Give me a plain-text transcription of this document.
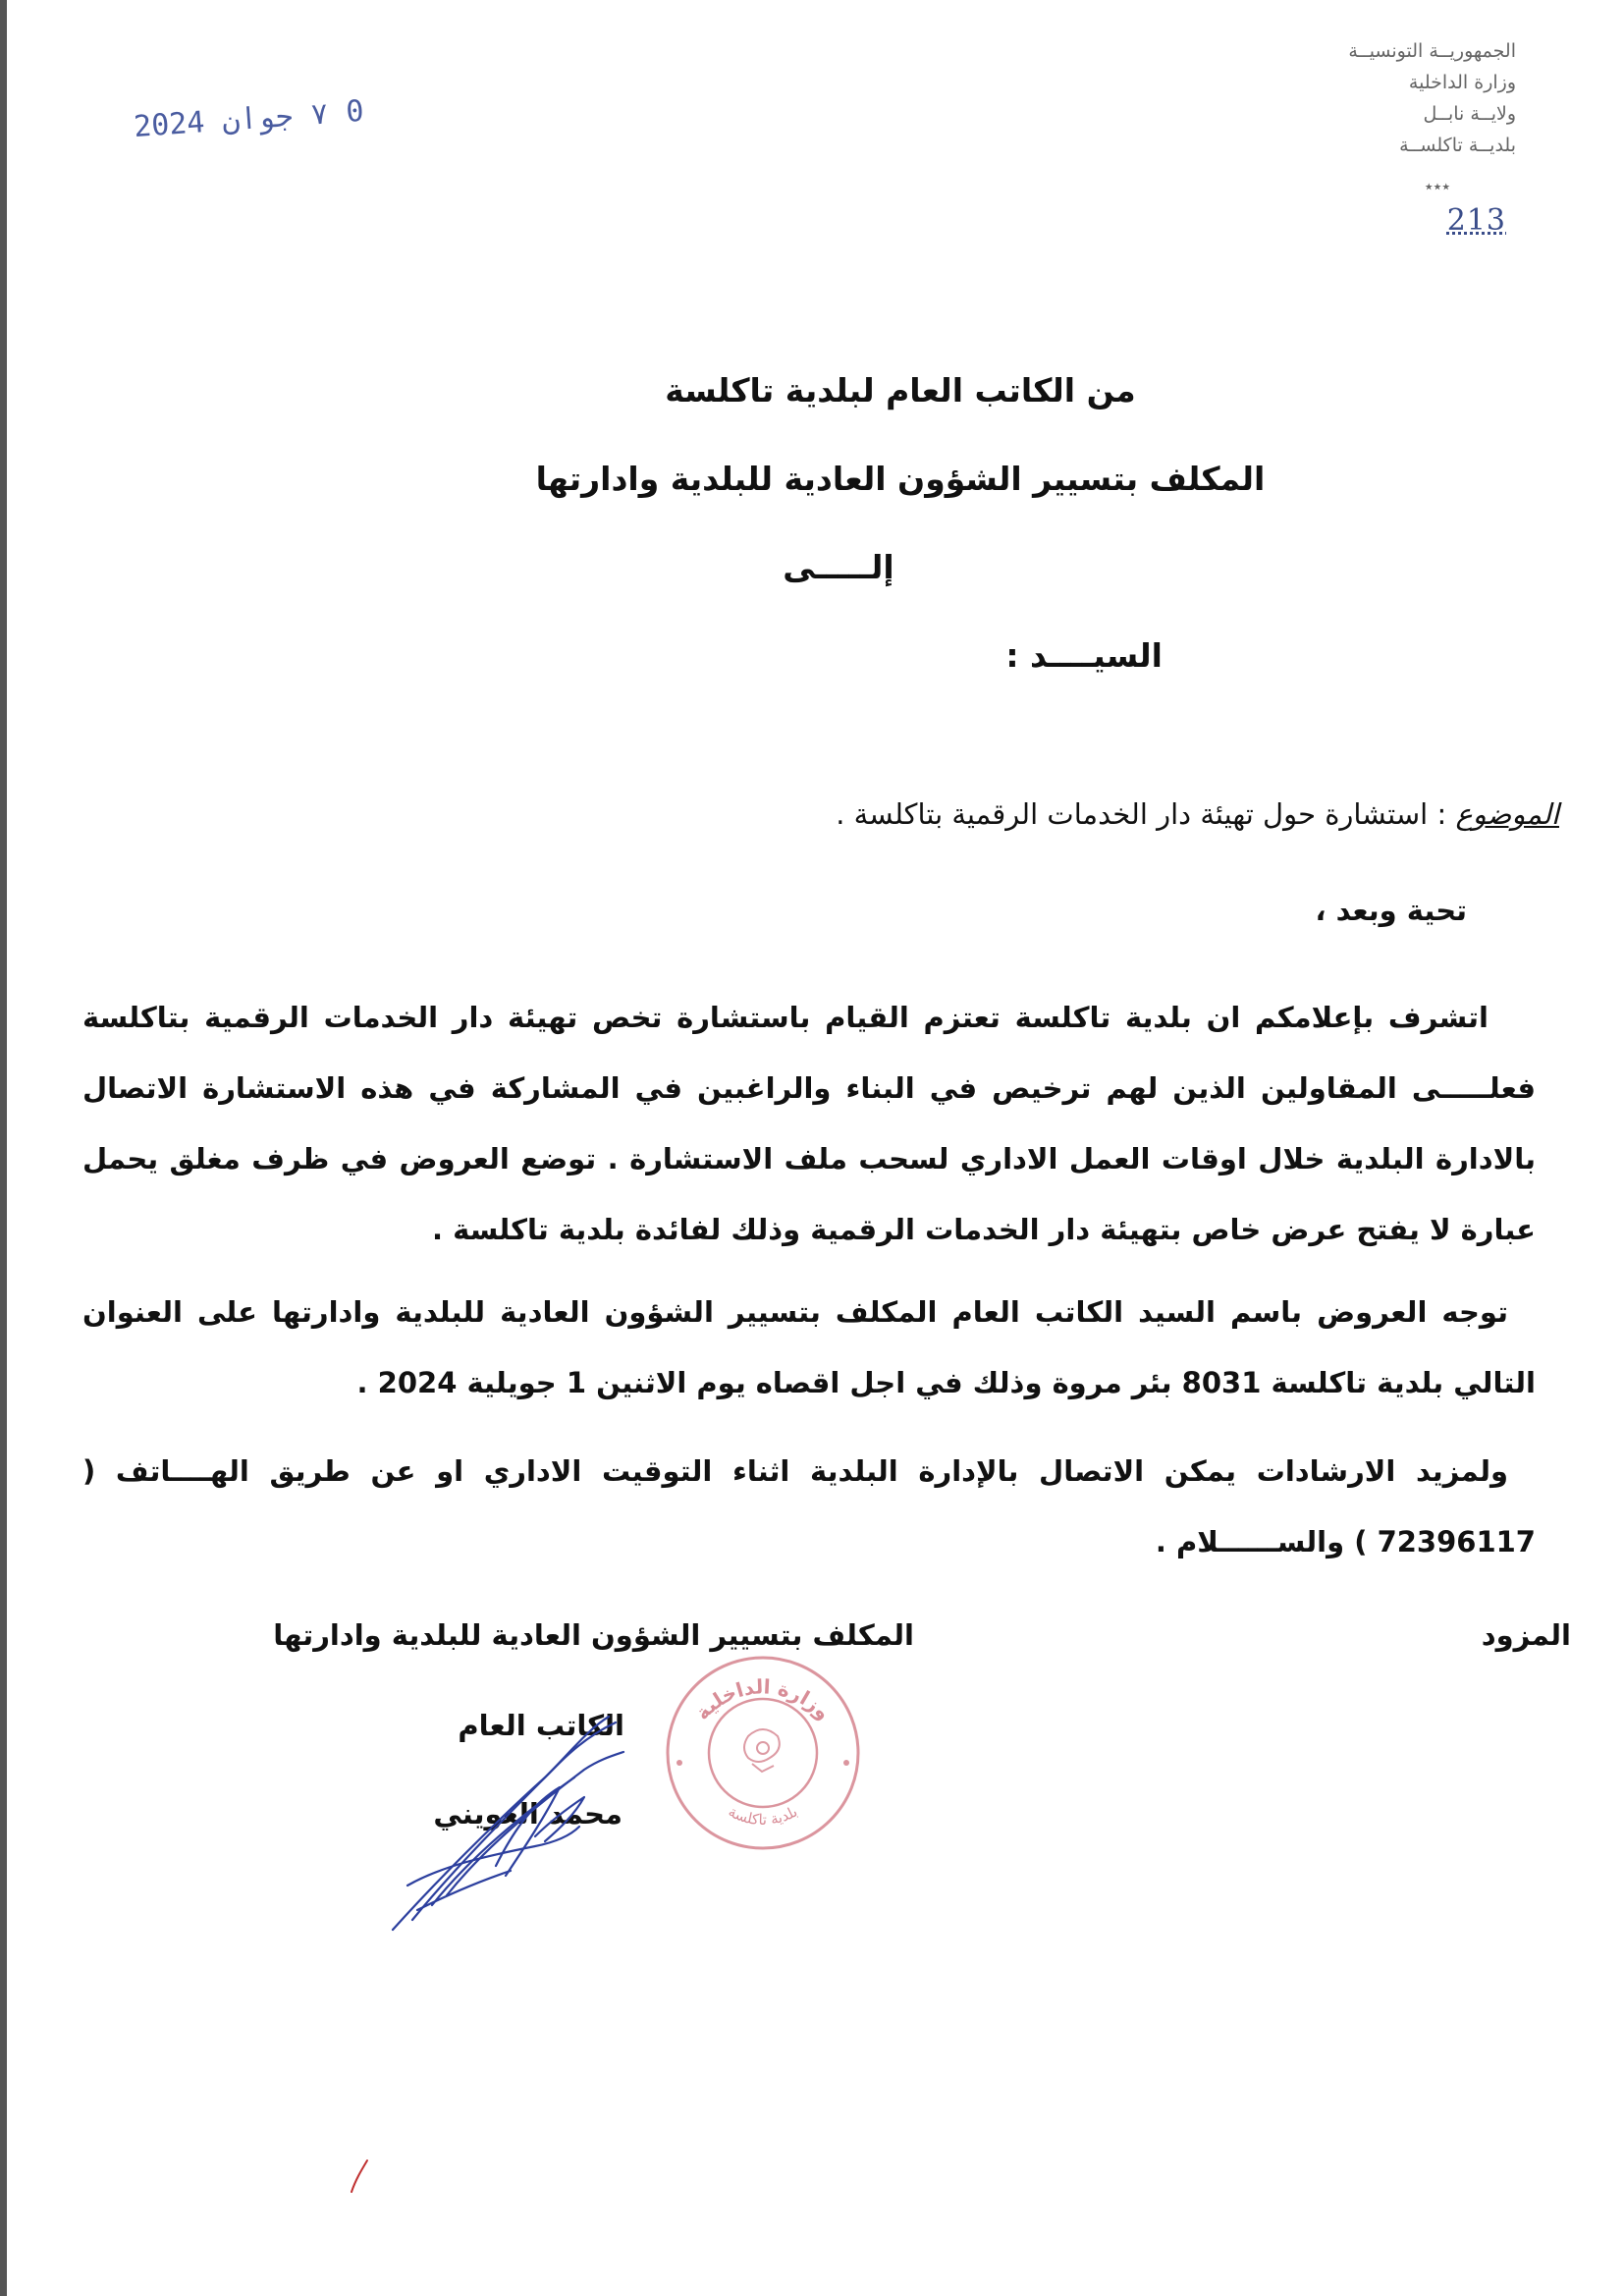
الجمهوريــة التونسيــة
وزارة الداخلية
ولايــة نابــل
بلديــة تاكلســة
٭٭٭
213
0 ٧ جوان 2024
من الكاتب العام لبلدية تاكلسة
المكلف بتسيير الشؤون العادية للبلدية وادارتها
إلـــــى
السيــــد :
الموضوع : استشارة حول تهيئة دار الخدمات الرقمية بتاكلسة .
تحية وبعد ،
اتشرف بإعلامكم ان بلدية تاكلسة تعتزم القيام باستشارة تخص تهيئة دار الخدمات الرقمية بتاكلسة فعلـــــى المقاولين الذين لهم ترخيص في البناء والراغبين في المشاركة في هذه الاستشارة الاتصال بالادارة البلدية خلال اوقات العمل الاداري لسحب ملف الاستشارة . توضع العروض في ظرف مغلق يحمل عبارة لا يفتح عرض خاص بتهيئة دار الخدمات الرقمية وذلك لفائدة بلدية تاكلسة .
توجه العروض باسم السيد الكاتب العام المكلف بتسيير الشؤون العادية للبلدية وادارتها على العنوان التالي بلدية تاكلسة 8031 بئر مروة وذلك في اجل اقصاه يوم الاثنين 1 جويلية 2024 .
ولمزيد الارشادات يمكن الاتصال بالإدارة البلدية اثناء التوقيت الاداري او عن طريق الهــــاتف ( 72396117 ) والســــــلام .
المزود
المكلف بتسيير الشؤون العادية للبلدية وادارتها
الكاتب العام
محمد العويني
وزارة الداخلية
بلدية تاكلسة
